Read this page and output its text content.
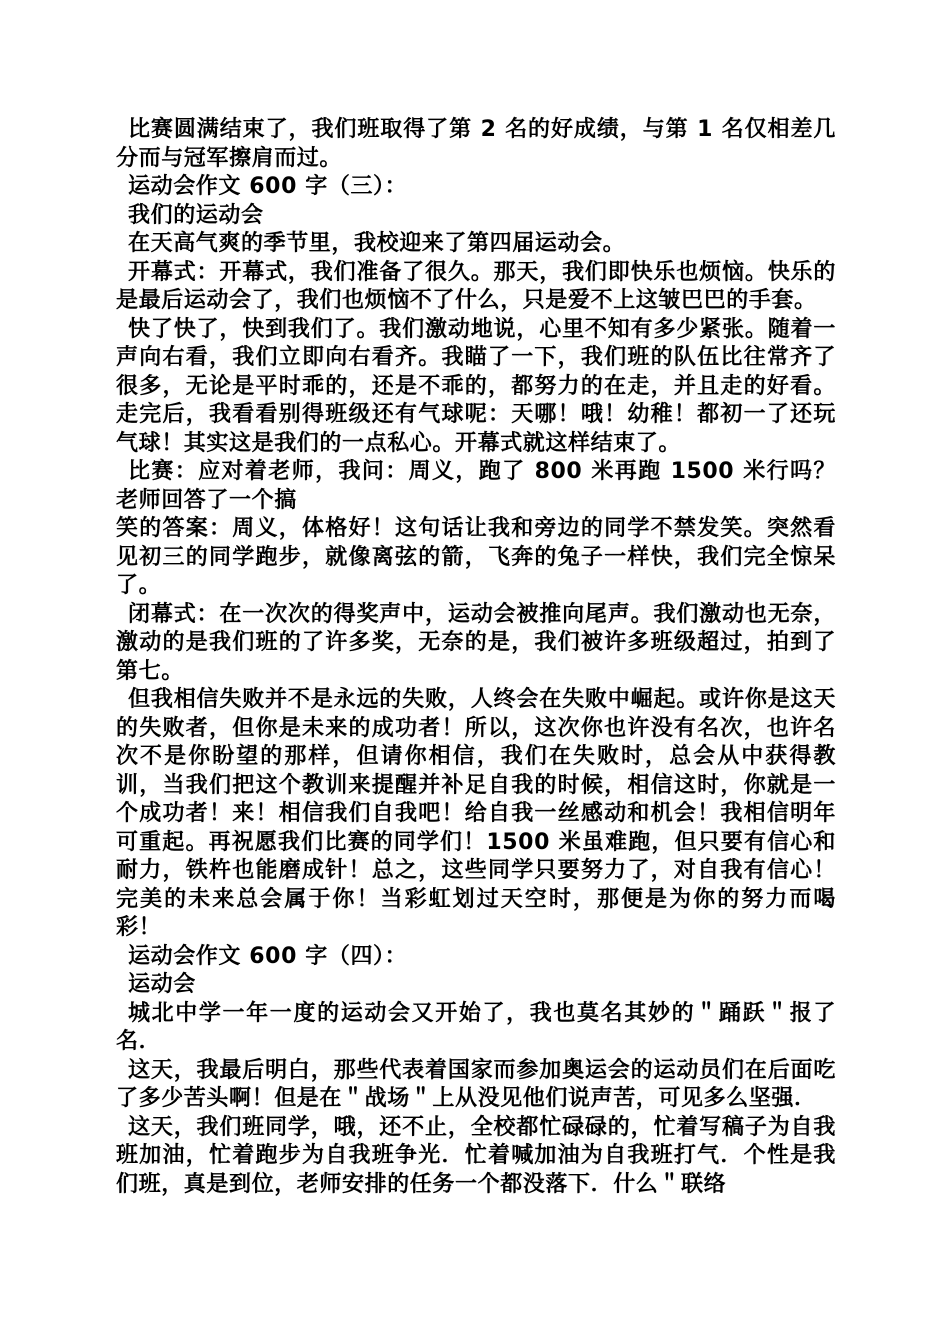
比赛圆满结束了，我们班取得了第 2 名的好成绩，与第 1 名仅相差几分而与冠军擦肩而过。

运动会作文 600 字（三）：

我们的运动会

在天高气爽的季节里，我校迎来了第四届运动会。

开幕式：开幕式，我们准备了很久。那天，我们即快乐也烦恼。快乐的是最后运动会了，我们也烦恼不了什么，只是爱不上这皱巴巴的手套。

快了快了，快到我们了。我们激动地说，心里不知有多少紧张。随着一声向右看，我们立即向右看齐。我瞄了一下，我们班的队伍比往常齐了很多，无论是平时乖的，还是不乖的，都努力的在走，并且走的好看。走完后，我看看别得班级还有气球呢：天哪！哦！幼稚！都初一了还玩气球！其实这是我们的一点私心。开幕式就这样结束了。

比赛：应对着老师，我问：周义，跑了 800 米再跑 1500 米行吗？老师回答了一个搞

笑的答案：周义，体格好！这句话让我和旁边的同学不禁发笑。突然看见初三的同学跑步，就像离弦的箭，飞奔的兔子一样快，我们完全惊呆了。

闭幕式：在一次次的得奖声中，运动会被推向尾声。我们激动也无奈，激动的是我们班的了许多奖，无奈的是，我们被许多班级超过，拍到了第七。

但我相信失败并不是永远的失败，人终会在失败中崛起。或许你是这天的失败者，但你是未来的成功者！所以，这次你也许没有名次，也许名次不是你盼望的那样，但请你相信，我们在失败时，总会从中获得教训，当我们把这个教训来提醒并补足自我的时候，相信这时，你就是一个成功者！来！相信我们自我吧！给自我一丝感动和机会！我相信明年可重起。再祝愿我们比赛的同学们！1500 米虽难跑，但只要有信心和耐力，铁杵也能磨成针！总之，这些同学只要努力了，对自我有信心！完美的未来总会属于你！当彩虹划过天空时，那便是为你的努力而喝彩！

运动会作文 600 字（四）：

运动会

城北中学一年一度的运动会又开始了，我也莫名其妙的＂踊跃＂报了名．

这天，我最后明白，那些代表着国家而参加奥运会的运动员们在后面吃了多少苦头啊！但是在＂战场＂上从没见他们说声苦，可见多么坚强．

这天，我们班同学，哦，还不止，全校都忙碌碌的，忙着写稿子为自我班加油，忙着跑步为自我班争光．忙着喊加油为自我班打气．个性是我们班，真是到位，老师安排的任务一个都没落下．什么＂联络
